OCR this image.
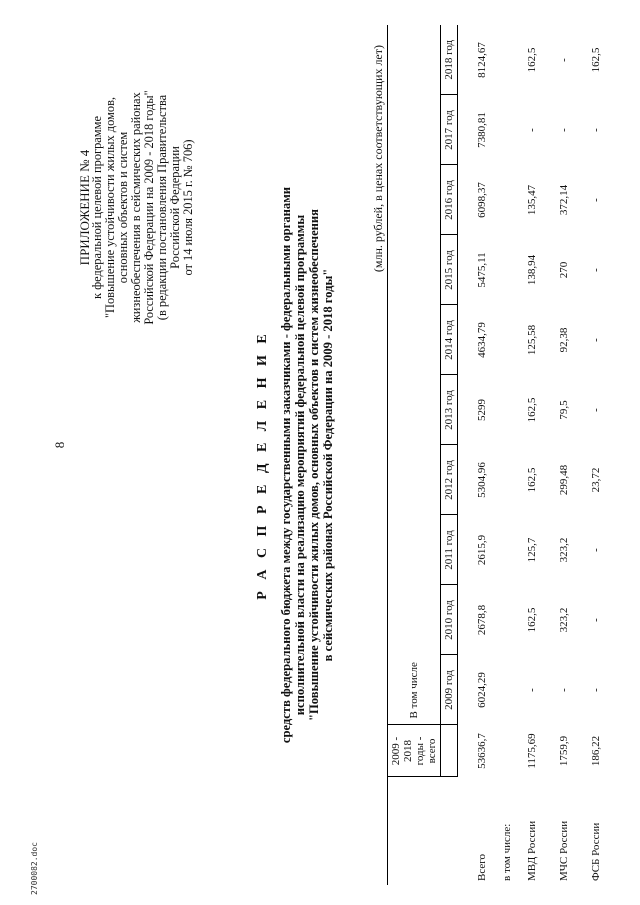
2700082.doc
8
ПРИЛОЖЕНИЕ № 4
к федеральной целевой программе "Повышение устойчивости жилых домов, основных объектов и систем жизнеобеспечения в сейсмических районах Российской Федерации на 2009 - 2018 годы" (в редакции постановления Правительства Российской Федерации от 14 июля 2015 г. № 706)
Р А С П Р Е Д Е Л Е Н И Е средств федерального бюджета между государственными заказчиками - федеральными органами исполнительной власти на реализацию мероприятий федеральной целевой программы "Повышение устойчивости жилых домов, основных объектов и систем жизнеобеспечения в сейсмических районах Российской Федерации на 2009 - 2018 годы"
(млн. рублей, в ценах соответствующих лет)

	2009 - 2018 годы - всего	В том числе									
		2009 год	2010 год	2011 год	2012 год	2013 год	2014 год	2015 год	2016 год	2017 год	2018 год
Всего	53636,7	6024,29	2678,8	2615,9	5304,96	5299	4634,79	5475,11	6098,37	7380,81	8124,67
в том числе:											
МВД России	1175,69	-	162,5	125,7	162,5	162,5	125,58	138,94	135,47	-	162,5
МЧС России	1759,9	-	323,2	323,2	299,48	79,5	92,38	270	372,14	-	-
ФСБ России	186,22	-	-	-	23,72	-	-	-	-	-	162,5
